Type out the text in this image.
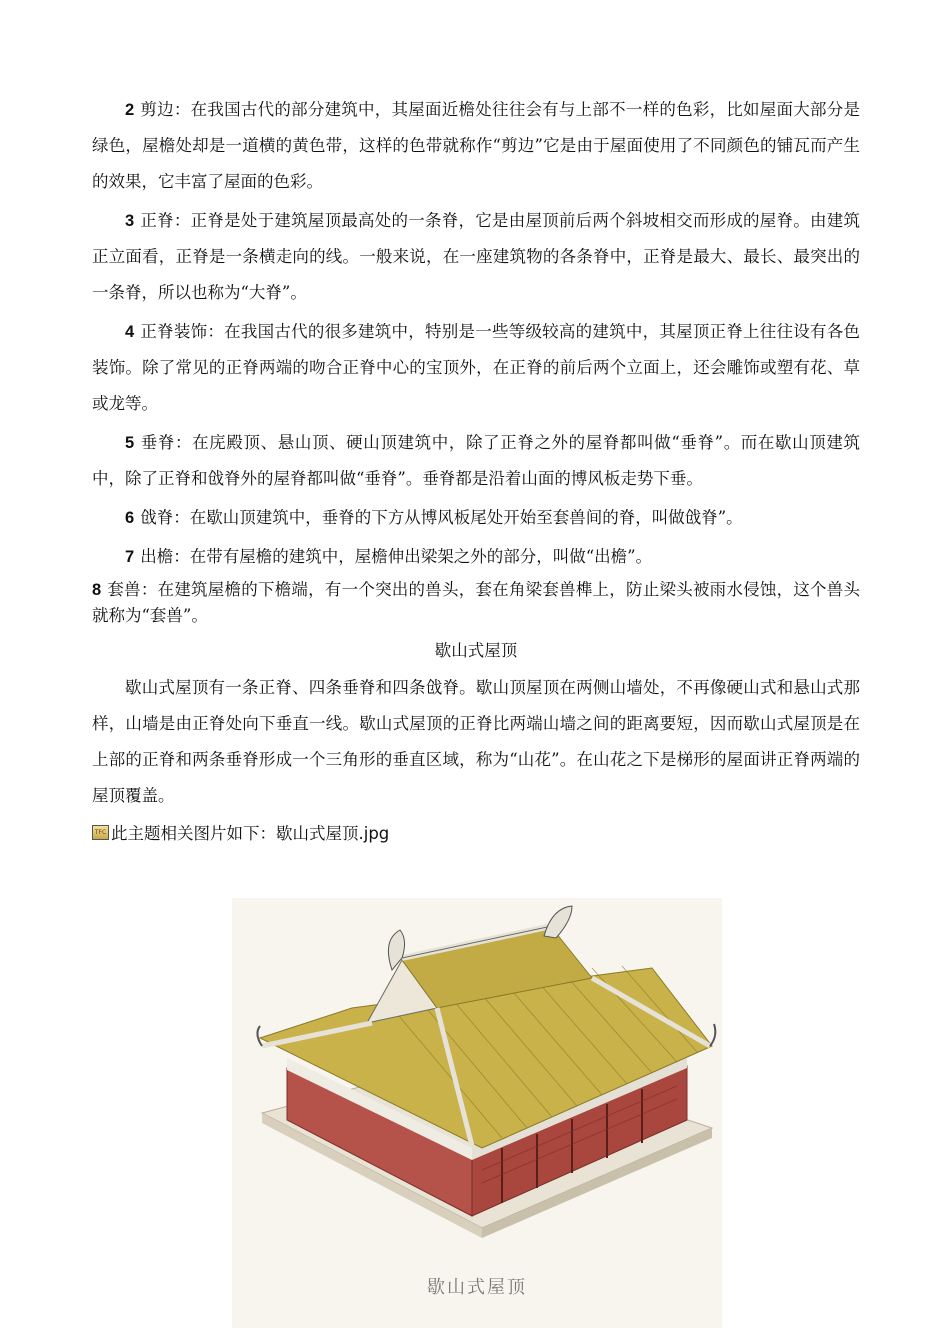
2 剪边：在我国古代的部分建筑中，其屋面近檐处往往会有与上部不一样的色彩，比如屋面大部分是绿色，屋檐处却是一道横的黄色带，这样的色带就称作“剪边”它是由于屋面使用了不同颜色的铺瓦而产生的效果，它丰富了屋面的色彩。

3 正脊：正脊是处于建筑屋顶最高处的一条脊，它是由屋顶前后两个斜坡相交而形成的屋脊。由建筑正立面看，正脊是一条横走向的线。一般来说，在一座建筑物的各条脊中，正脊是最大、最长、最突出的一条脊，所以也称为“大脊”。

4 正脊装饰：在我国古代的很多建筑中，特别是一些等级较高的建筑中，其屋顶正脊上往往设有各色装饰。除了常见的正脊两端的吻合正脊中心的宝顶外，在正脊的前后两个立面上，还会雕饰或塑有花、草或龙等。

5 垂脊：在庑殿顶、悬山顶、硬山顶建筑中，除了正脊之外的屋脊都叫做“垂脊”。而在歇山顶建筑中，除了正脊和戗脊外的屋脊都叫做“垂脊”。垂脊都是沿着山面的博风板走势下垂。

6 戗脊：在歇山顶建筑中，垂脊的下方从博风板尾处开始至套兽间的脊，叫做戗脊”。

7 出檐：在带有屋檐的建筑中，屋檐伸出梁架之外的部分，叫做“出檐”。

8 套兽：在建筑屋檐的下檐端，有一个突出的兽头，套在角梁套兽榫上，防止梁头被雨水侵蚀，这个兽头就称为“套兽”。

歇山式屋顶

歇山式屋顶有一条正脊、四条垂脊和四条戗脊。歇山顶屋顶在两侧山墙处，不再像硬山式和悬山式那样，山墙是由正脊处向下垂直一线。歇山式屋顶的正脊比两端山墙之间的距离要短，因而歇山式屋顶是在上部的正脊和两条垂脊形成一个三角形的垂直区域，称为“山花”。在山花之下是梯形的屋面讲正脊两端的屋顶覆盖。

TFC 此主题相关图片如下：歇山式屋顶.jpg
歇山式屋顶
